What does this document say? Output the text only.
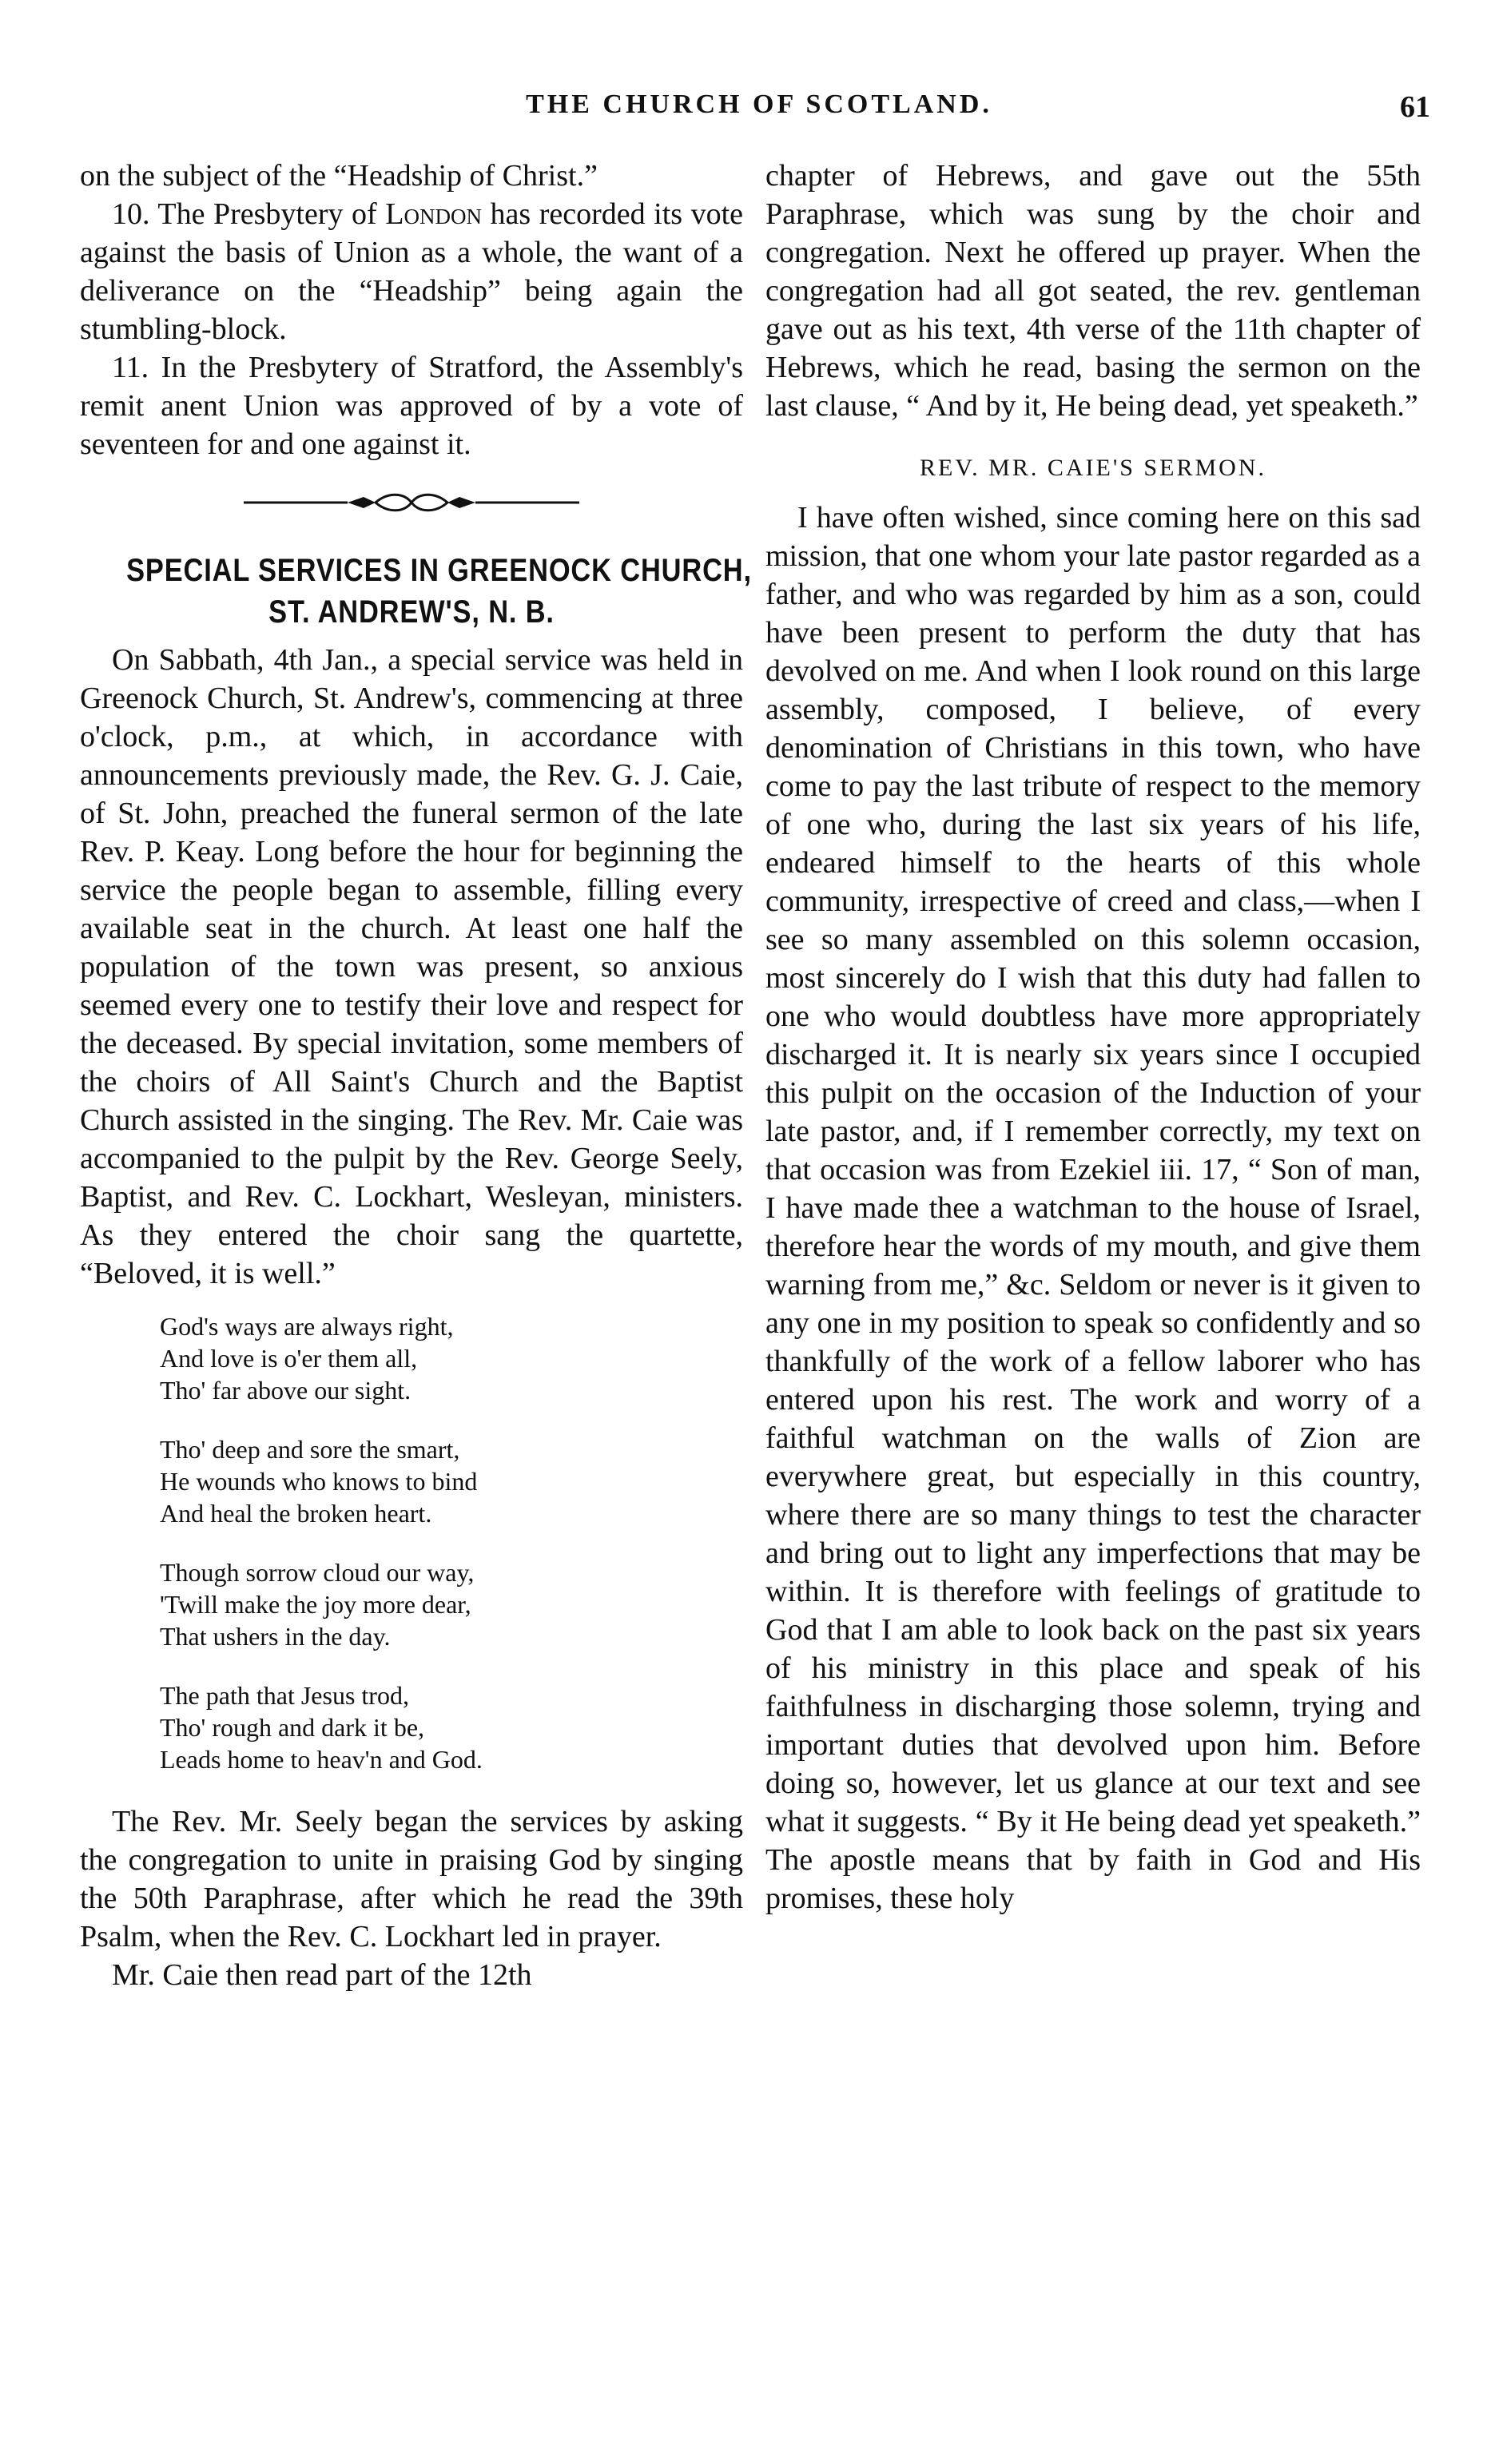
THE CHURCH OF SCOTLAND.	61

on the subject of the “Headship of Christ.”

10. The Presbytery of London has recorded its vote against the basis of Union as a whole, the want of a deliverance on the “Headship” being again the stumbling-block.

11. In the Presbytery of Stratford, the Assembly's remit anent Union was approved of by a vote of seventeen for and one against it.

SPECIAL SERVICES IN GREENOCK CHURCH,
ST. ANDREW'S, N. B.

On Sabbath, 4th Jan., a special service was held in Greenock Church, St. Andrew's, commencing at three o'clock, p.m., at which, in accordance with announcements previously made, the Rev. G. J. Caie, of St. John, preached the funeral sermon of the late Rev. P. Keay. Long before the hour for beginning the service the people began to assemble, filling every available seat in the church. At least one half the population of the town was present, so anxious seemed every one to testify their love and respect for the deceased. By special invitation, some members of the choirs of All Saint's Church and the Baptist Church assisted in the singing. The Rev. Mr. Caie was accompanied to the pulpit by the Rev. George Seely, Baptist, and Rev. C. Lockhart, Wesleyan, ministers. As they entered the choir sang the quartette, “Beloved, it is well.”

God's ways are always right,
And love is o'er them all,
Tho' far above our sight.
Tho' deep and sore the smart,
He wounds who knows to bind
And heal the broken heart.
Though sorrow cloud our way,
'Twill make the joy more dear,
That ushers in the day.
The path that Jesus trod,
Tho' rough and dark it be,
Leads home to heav'n and God.

The Rev. Mr. Seely began the services by asking the congregation to unite in praising God by singing the 50th Paraphrase, after which he read the 39th Psalm, when the Rev. C. Lockhart led in prayer.

Mr. Caie then read part of the 12th

chapter of Hebrews, and gave out the 55th Paraphrase, which was sung by the choir and congregation. Next he offered up prayer. When the congregation had all got seated, the rev. gentleman gave out as his text, 4th verse of the 11th chapter of Hebrews, which he read, basing the sermon on the last clause, “ And by it, He being dead, yet speaketh.”

REV. MR. CAIE'S SERMON.

I have often wished, since coming here on this sad mission, that one whom your late pastor regarded as a father, and who was regarded by him as a son, could have been present to perform the duty that has devolved on me. And when I look round on this large assembly, composed, I believe, of every denomination of Christians in this town, who have come to pay the last tribute of respect to the memory of one who, during the last six years of his life, endeared himself to the hearts of this whole community, irrespective of creed and class,—when I see so many assembled on this solemn occasion, most sincerely do I wish that this duty had fallen to one who would doubtless have more appropriately discharged it. It is nearly six years since I occupied this pulpit on the occasion of the Induction of your late pastor, and, if I remember correctly, my text on that occasion was from Ezekiel iii. 17, “ Son of man, I have made thee a watchman to the house of Israel, therefore hear the words of my mouth, and give them warning from me,” &c. Seldom or never is it given to any one in my position to speak so confidently and so thankfully of the work of a fellow laborer who has entered upon his rest. The work and worry of a faithful watchman on the walls of Zion are everywhere great, but especially in this country, where there are so many things to test the character and bring out to light any imperfections that may be within. It is therefore with feelings of gratitude to God that I am able to look back on the past six years of his ministry in this place and speak of his faithfulness in discharging those solemn, trying and important duties that devolved upon him. Before doing so, however, let us glance at our text and see what it suggests. “ By it He being dead yet speaketh.” The apostle means that by faith in God and His promises, these holy
